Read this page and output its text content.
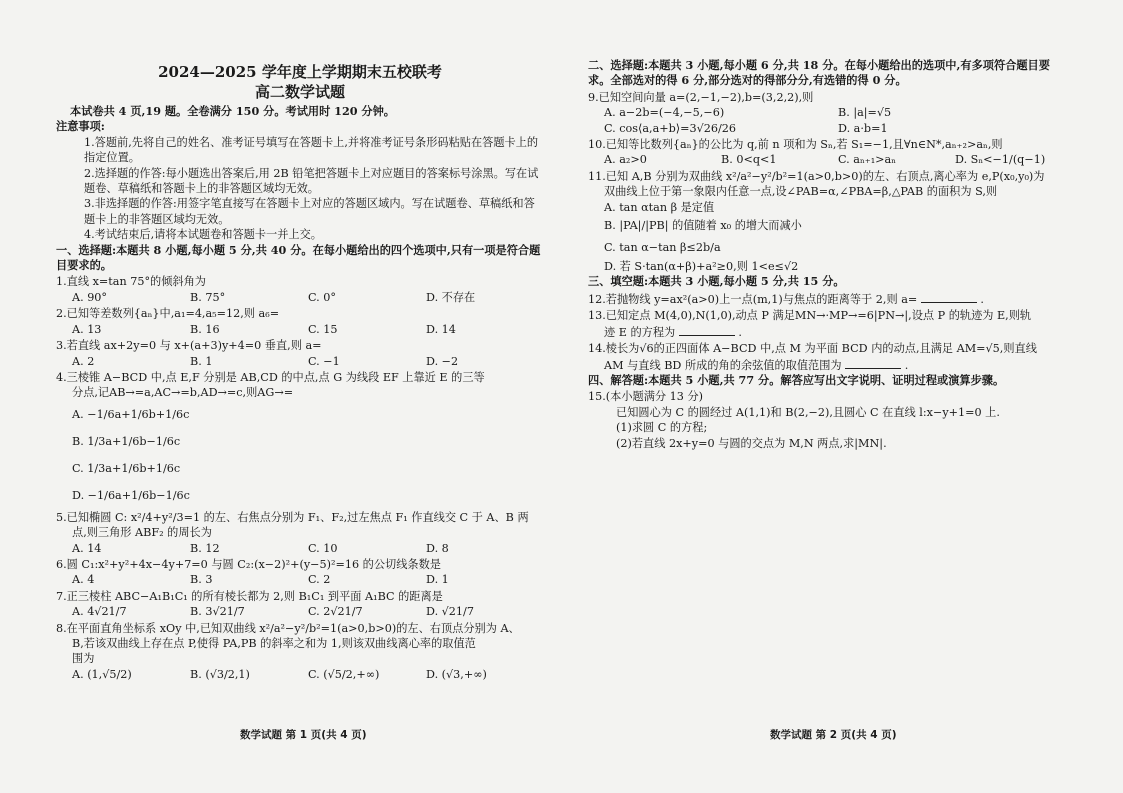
2024—2025 学年度上学期期末五校联考
高二数学试题
本试卷共 4 页,19 题。全卷满分 150 分。考试用时 120 分钟。
注意事项:
1.答题前,先将自己的姓名、准考证号填写在答题卡上,并将准考证号条形码粘贴在答题卡上的指定位置。
2.选择题的作答:每小题选出答案后,用 2B 铅笔把答题卡上对应题目的答案标号涂黑。写在试题卷、草稿纸和答题卡上的非答题区域均无效。
3.非选择题的作答:用签字笔直接写在答题卡上对应的答题区域内。写在试题卷、草稿纸和答题卡上的非答题区域均无效。
4.考试结束后,请将本试题卷和答题卡一并上交。
一、选择题:本题共 8 小题,每小题 5 分,共 40 分。在每小题给出的四个选项中,只有一项是符合题目要求的。
1.直线 x=tan 75°的倾斜角为
A. 90°	B. 75°	C. 0°	D. 不存在
2.已知等差数列{aₙ}中,a₁=4,a₅=12,则 a₆=
A. 13	B. 16	C. 15	D. 14
3.若直线 ax+2y=0 与 x+(a+3)y+4=0 垂直,则 a=
A. 2	B. 1	C. −1	D. −2
4.三棱锥 A−BCD 中,点 E,F 分别是 AB,CD 的中点,点 G 为线段 EF 上靠近 E 的三等
分点,记AB→=a,AC→=b,AD→=c,则AG→=
A. −1/6a+1/6b+1/6c
B. 1/3a+1/6b−1/6c
C. 1/3a+1/6b+1/6c
D. −1/6a+1/6b−1/6c
5.已知椭圆 C: x²/4+y²/3=1 的左、右焦点分别为 F₁、F₂,过左焦点 F₁ 作直线交 C 于 A、B 两
点,则三角形 ABF₂ 的周长为
A. 14	B. 12	C. 10	D. 8
6.圆 C₁:x²+y²+4x−4y+7=0 与圆 C₂:(x−2)²+(y−5)²=16 的公切线条数是
A. 4	B. 3	C. 2	D. 1
7.正三棱柱 ABC−A₁B₁C₁ 的所有棱长都为 2,则 B₁C₁ 到平面 A₁BC 的距离是
A. 4√21/7	B. 3√21/7	C. 2√21/7	D. √21/7
8.在平面直角坐标系 xOy 中,已知双曲线 x²/a²−y²/b²=1(a>0,b>0)的左、右顶点分别为 A、
B,若该双曲线上存在点 P,使得 PA,PB 的斜率之和为 1,则该双曲线离心率的取值范
围为
A. (1,√5/2)	B. (√3/2,1)	C. (√5/2,+∞)	D. (√3,+∞)
数学试题 第 1 页(共 4 页)
二、选择题:本题共 3 小题,每小题 6 分,共 18 分。在每小题给出的选项中,有多项符合题目要求。全部选对的得 6 分,部分选对的得部分分,有选错的得 0 分。
9.已知空间向量 a=(2,−1,−2),b=(3,2,2),则
A. a−2b=(−4,−5,−6)	B. |a|=√5
C. cos⟨a,a+b⟩=3√26/26	D. a·b=1
10.已知等比数列{aₙ}的公比为 q,前 n 项和为 Sₙ,若 S₁=−1,且∀n∈N*,aₙ₊₂>aₙ,则
A. a₂>0	B. 0<q<1	C. aₙ₊₁>aₙ	D. Sₙ<−1/(q−1)
11.已知 A,B 分别为双曲线 x²/a²−y²/b²=1(a>0,b>0)的左、右顶点,离心率为 e,P(x₀,y₀)为
双曲线上位于第一象限内任意一点,设∠PAB=α,∠PBA=β,△PAB 的面积为 S,则
A. tan αtan β 是定值
B. |PA|/|PB| 的值随着 x₀ 的增大而减小
C. tan α−tan β≤2b/a
D. 若 S·tan(α+β)+a²≥0,则 1<e≤√2
三、填空题:本题共 3 小题,每小题 5 分,共 15 分。
12.若抛物线 y=ax²(a>0)上一点(m,1)与焦点的距离等于 2,则 a=	.
13.已知定点 M(4,0),N(1,0),动点 P 满足MN→·MP→=6|PN→|,设点 P 的轨迹为 E,则轨
迹 E 的方程为	.
14.棱长为√6的正四面体 A−BCD 中,点 M 为平面 BCD 内的动点,且满足 AM=√5,则直线
AM 与直线 BD 所成的角的余弦值的取值范围为	.
四、解答题:本题共 5 小题,共 77 分。解答应写出文字说明、证明过程或演算步骤。
15.(本小题满分 13 分)
已知圆心为 C 的圆经过 A(1,1)和 B(2,−2),且圆心 C 在直线 l:x−y+1=0 上.
(1)求圆 C 的方程;
(2)若直线 2x+y=0 与圆的交点为 M,N 两点,求|MN|.
数学试题 第 2 页(共 4 页)
